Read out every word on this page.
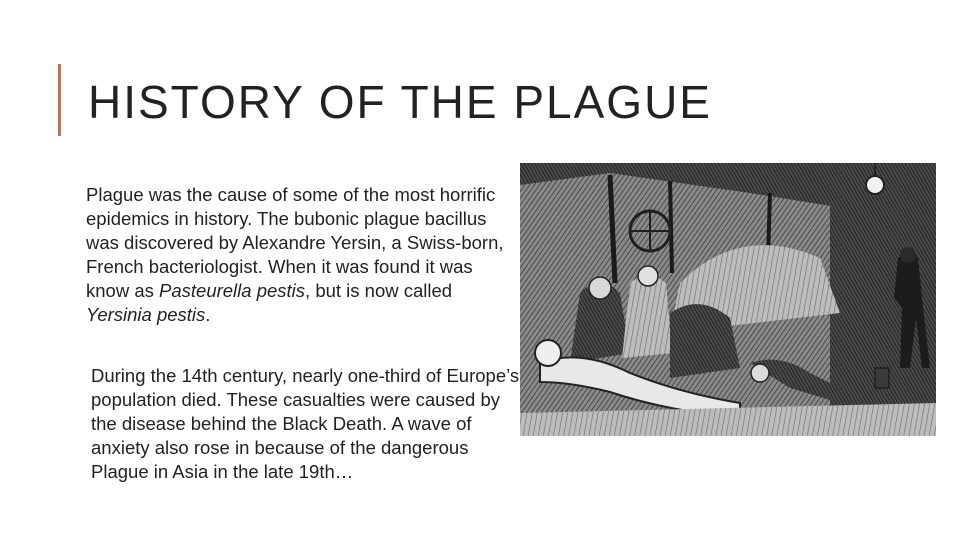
HISTORY OF THE PLAGUE

Plague was the cause of some of the most horrific epidemics in history. The bubonic plague bacillus was discovered by Alexandre Yersin, a Swiss-born, French bacteriologist. When it was found it was know as Pasteurella pestis, but is now called Yersinia pestis.

During the 14th century, nearly one-third of Europe’s population died. These casualties were caused by the disease behind the Black Death. A wave of anxiety also rose in because of the dangerous Plague in Asia in the late 19th…
